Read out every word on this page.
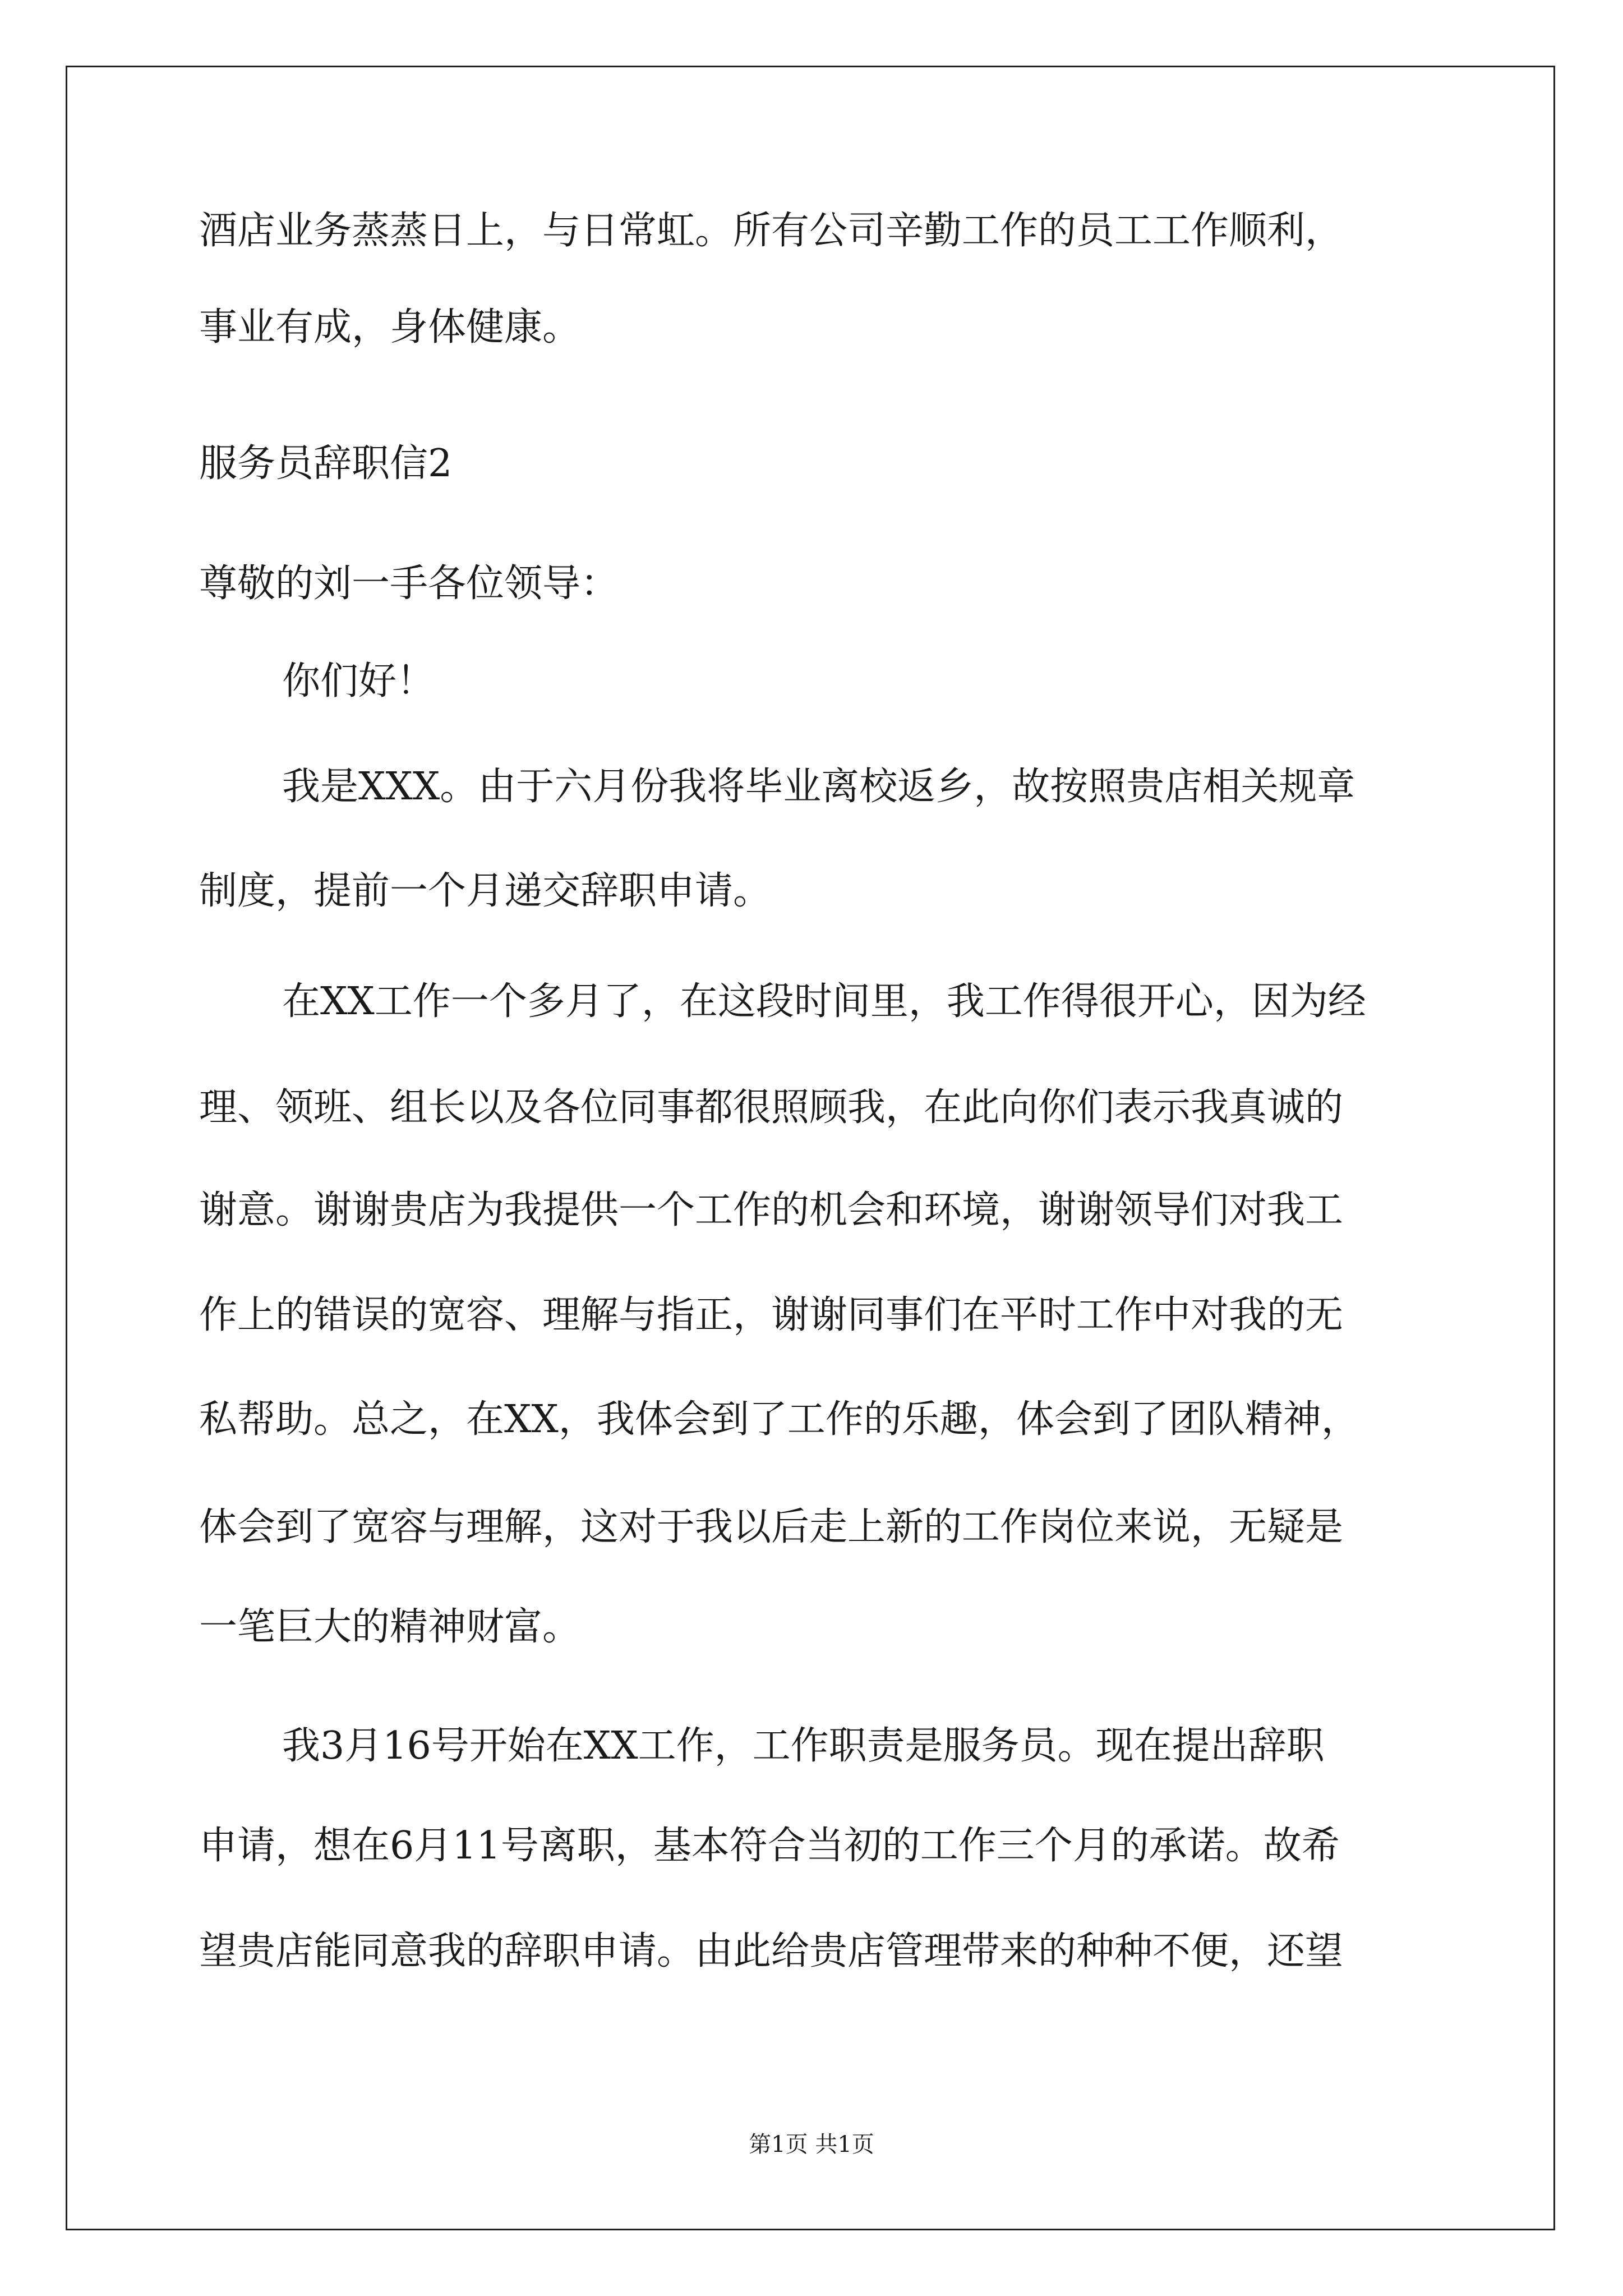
酒店业务蒸蒸日上，与日常虹。所有公司辛勤工作的员工工作顺利，
事业有成，身体健康。
服务员辞职信2
尊敬的刘一手各位领导：
你们好！
我是XXX。由于六月份我将毕业离校返乡，故按照贵店相关规章
制度，提前一个月递交辞职申请。
在XX工作一个多月了，在这段时间里，我工作得很开心，因为经
理、领班、组长以及各位同事都很照顾我，在此向你们表示我真诚的
谢意。谢谢贵店为我提供一个工作的机会和环境，谢谢领导们对我工
作上的错误的宽容、理解与指正，谢谢同事们在平时工作中对我的无
私帮助。总之，在XX，我体会到了工作的乐趣，体会到了团队精神，
体会到了宽容与理解，这对于我以后走上新的工作岗位来说，无疑是
一笔巨大的精神财富。
我3月16号开始在XX工作，工作职责是服务员。现在提出辞职
申请，想在6月11号离职，基本符合当初的工作三个月的承诺。故希
望贵店能同意我的辞职申请。由此给贵店管理带来的种种不便，还望
第1页 共1页
